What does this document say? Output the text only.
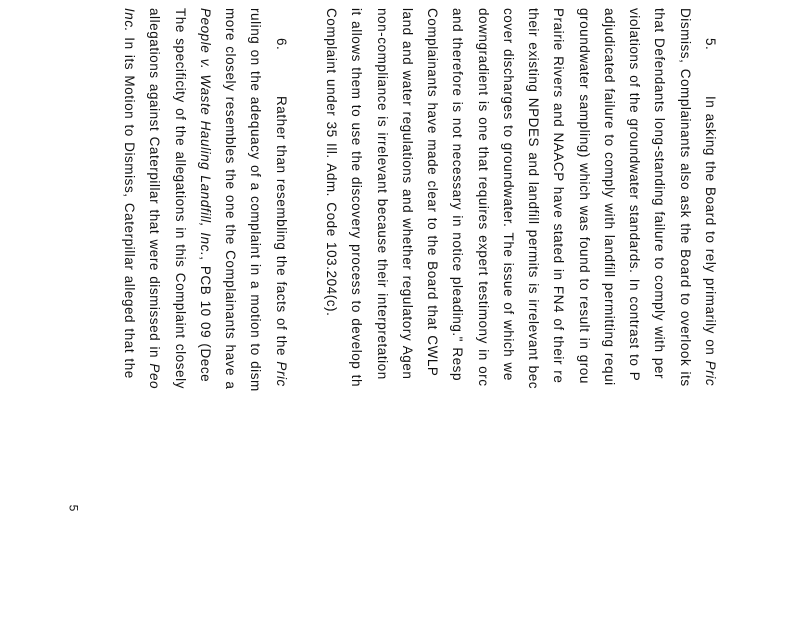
5.In asking the Board to rely primarily on Pric
Dismiss, Complainants also ask the Board to overlook its
that Defendants long-standing failure to comply with per
violations of the groundwater standards. In contrast to P
adjudicated failure to comply with landfill permitting requi
groundwater sampling) which was found to result in grou
Prairie Rivers and NAACP have stated in FN4 of their re
their existing NPDES and landfill permits is irrelevant bec
cover discharges to groundwater. The issue of which we
downgradient is one that requires expert testimony in orc
and therefore is not necessary in notice pleading." Resp
Complainants have made clear to the Board that CWLP
land and water regulations and whether regulatory Agen
non-compliance is irrelevant because their interpretation
it allows them to use the discovery process to develop th
Complaint under 35 Ill. Adm. Code 103.204(c).
6.Rather than resembling the facts of the Pric
ruling on the adequacy of a complaint in a motion to dism
more closely resembles the one the Complainants have a
People v. Waste Hauling Landfill, Inc., PCB 10 09 (Dece
The specificity of the allegations in this Complaint closely
allegations against Caterpillar that were dismissed in Peo
Inc. In its Motion to Dismiss, Caterpillar alleged that the
5
